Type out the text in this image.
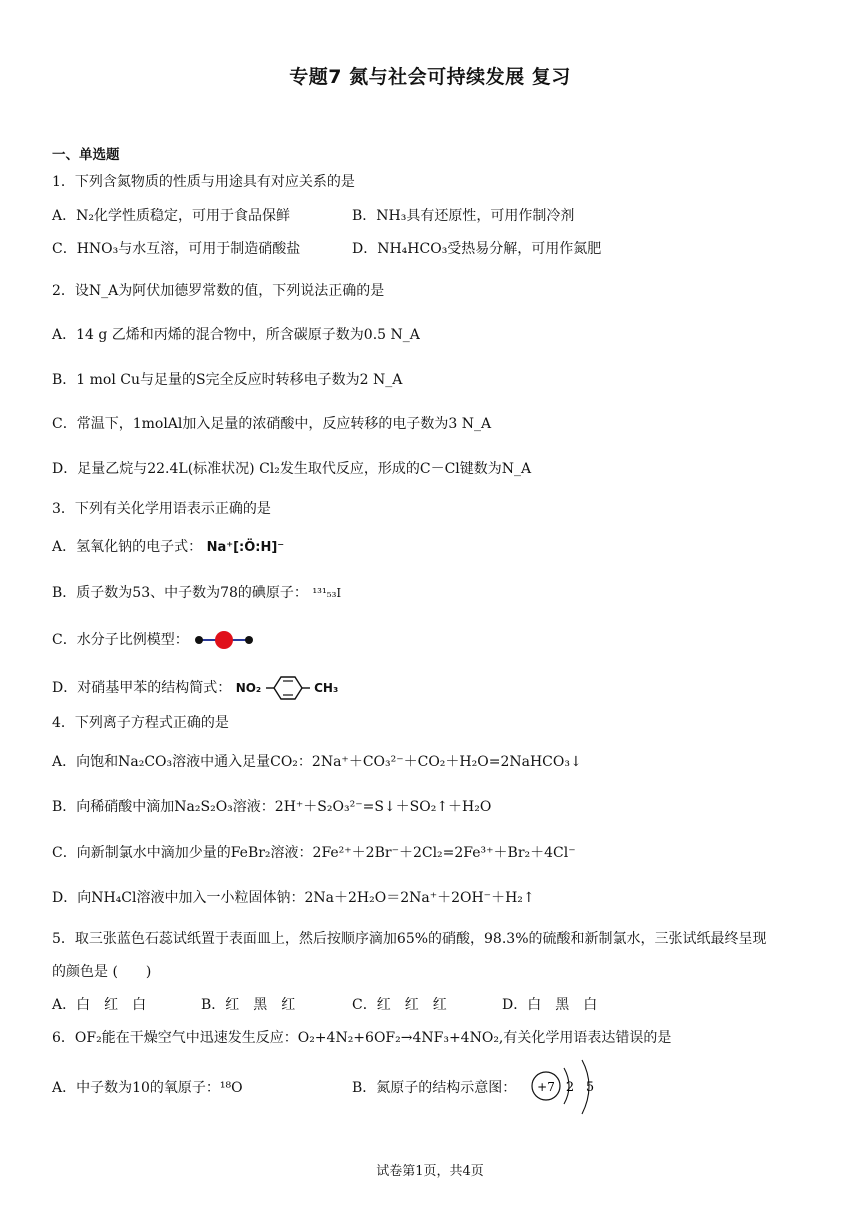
专题7 氮与社会可持续发展 复习
一、单选题
1．下列含氮物质的性质与用途具有对应关系的是
A．N₂化学性质稳定，可用于食品保鲜	B．NH₃具有还原性，可用作制冷剂
C．HNO₃与水互溶，可用于制造硝酸盐	D．NH₄HCO₃受热易分解，可用作氮肥
2．设N_A为阿伏加德罗常数的值，下列说法正确的是
A．14 g 乙烯和丙烯的混合物中，所含碳原子数为0.5 N_A
B．1 mol Cu与足量的S完全反应时转移电子数为2 N_A
C．常温下，1molAl加入足量的浓硝酸中，反应转移的电子数为3 N_A
D．足量乙烷与22.4L(标准状况) Cl₂发生取代反应，形成的C－Cl键数为N_A
3．下列有关化学用语表示正确的是
A．氢氧化钠的电子式： Na⁺[:Ö:H]⁻
B．质子数为53、中子数为78的碘原子： ¹³¹₅₃I
C．水分子比例模型：
D．对硝基甲苯的结构简式： NO₂	CH₃
4．下列离子方程式正确的是
A．向饱和Na₂CO₃溶液中通入足量CO₂：2Na⁺＋CO₃²⁻＋CO₂＋H₂O=2NaHCO₃↓
B．向稀硝酸中滴加Na₂S₂O₃溶液：2H⁺＋S₂O₃²⁻=S↓＋SO₂↑＋H₂O
C．向新制氯水中滴加少量的FeBr₂溶液：2Fe²⁺＋2Br⁻＋2Cl₂=2Fe³⁺＋Br₂＋4Cl⁻
D．向NH₄Cl溶液中加入一小粒固体钠：2Na＋2H₂O＝2Na⁺＋2OH⁻＋H₂↑
5．取三张蓝色石蕊试纸置于表面皿上，然后按顺序滴加65%的硝酸，98.3%的硫酸和新制氯水，三张试纸最终呈现
的颜色是 (　　)
A．白　红　白	B．红　黑　红	C．红　红　红	D．白　黑　白
6．OF₂能在干燥空气中迅速发生反应：O₂+4N₂+6OF₂→4NF₃+4NO₂,有关化学用语表达错误的是
A．中子数为10的氧原子：¹⁸O	B．氮原子的结构示意图： +7 2 5
试卷第1页，共4页
